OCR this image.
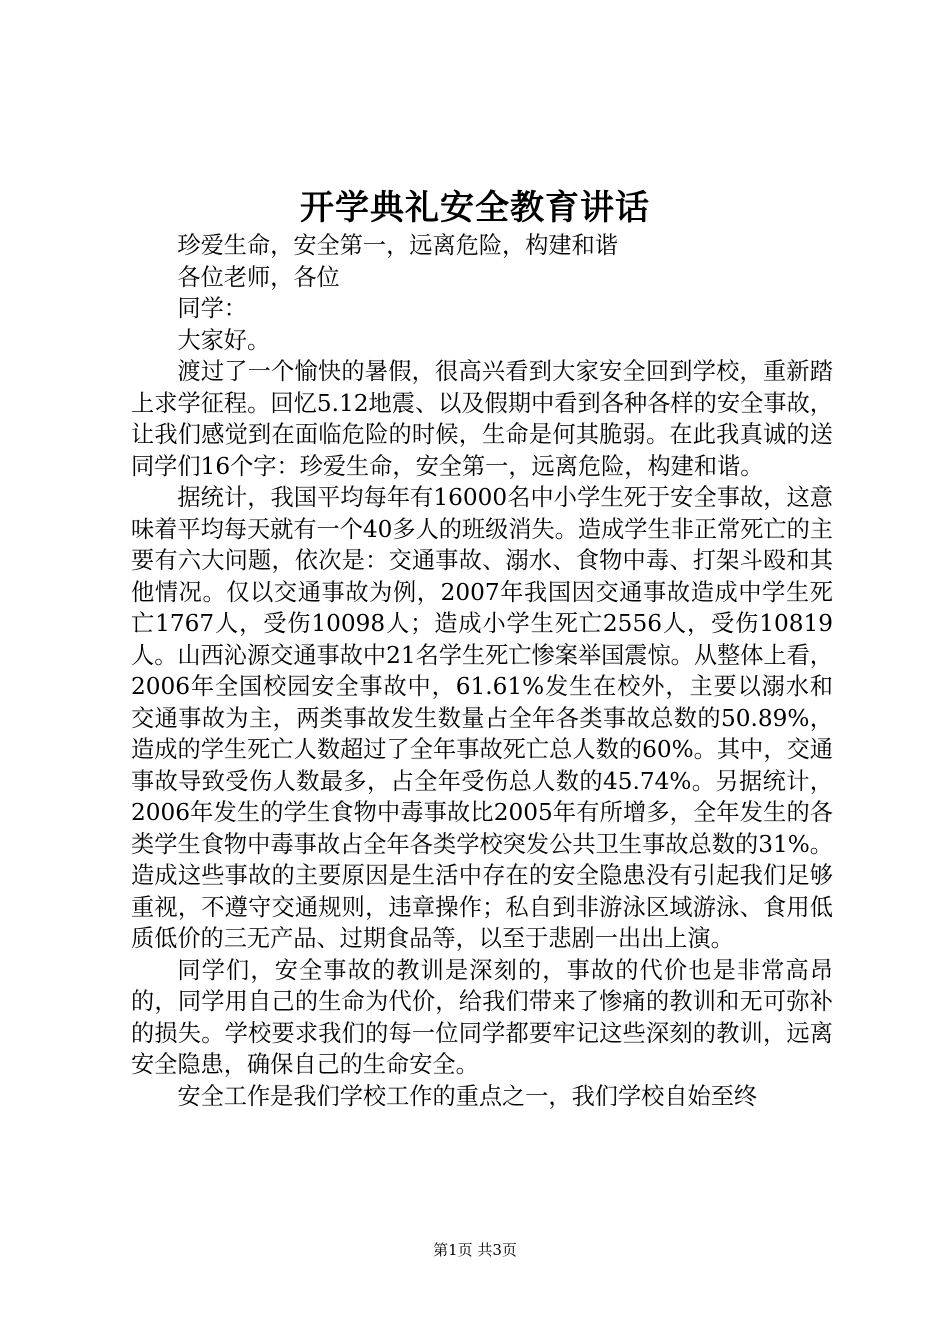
开学典礼安全教育讲话

珍爱生命，安全第一，远离危险，构建和谐

各位老师，各位

同学：

大家好。

渡过了一个愉快的暑假，很高兴看到大家安全回到学校，重新踏上求学征程。回忆5.12地震、以及假期中看到各种各样的安全事故，让我们感觉到在面临危险的时候，生命是何其脆弱。在此我真诚的送同学们16个字：珍爱生命，安全第一，远离危险，构建和谐。

据统计，我国平均每年有16000名中小学生死于安全事故，这意味着平均每天就有一个40多人的班级消失。造成学生非正常死亡的主要有六大问题，依次是：交通事故、溺水、食物中毒、打架斗殴和其他情况。仅以交通事故为例，2007年我国因交通事故造成中学生死亡1767人，受伤10098人；造成小学生死亡2556人，受伤10819人。山西沁源交通事故中21名学生死亡惨案举国震惊。从整体上看，2006年全国校园安全事故中，61.61%发生在校外，主要以溺水和交通事故为主，两类事故发生数量占全年各类事故总数的50.89%，造成的学生死亡人数超过了全年事故死亡总人数的60%。其中，交通事故导致受伤人数最多，占全年受伤总人数的45.74%。另据统计，2006年发生的学生食物中毒事故比2005年有所增多，全年发生的各类学生食物中毒事故占全年各类学校突发公共卫生事故总数的31%。造成这些事故的主要原因是生活中存在的安全隐患没有引起我们足够重视，不遵守交通规则，违章操作；私自到非游泳区域游泳、食用低质低价的三无产品、过期食品等，以至于悲剧一出出上演。

同学们，安全事故的教训是深刻的，事故的代价也是非常高昂的，同学用自己的生命为代价，给我们带来了惨痛的教训和无可弥补的损失。学校要求我们的每一位同学都要牢记这些深刻的教训，远离安全隐患，确保自己的生命安全。

安全工作是我们学校工作的重点之一，我们学校自始至终

第1页 共3页
